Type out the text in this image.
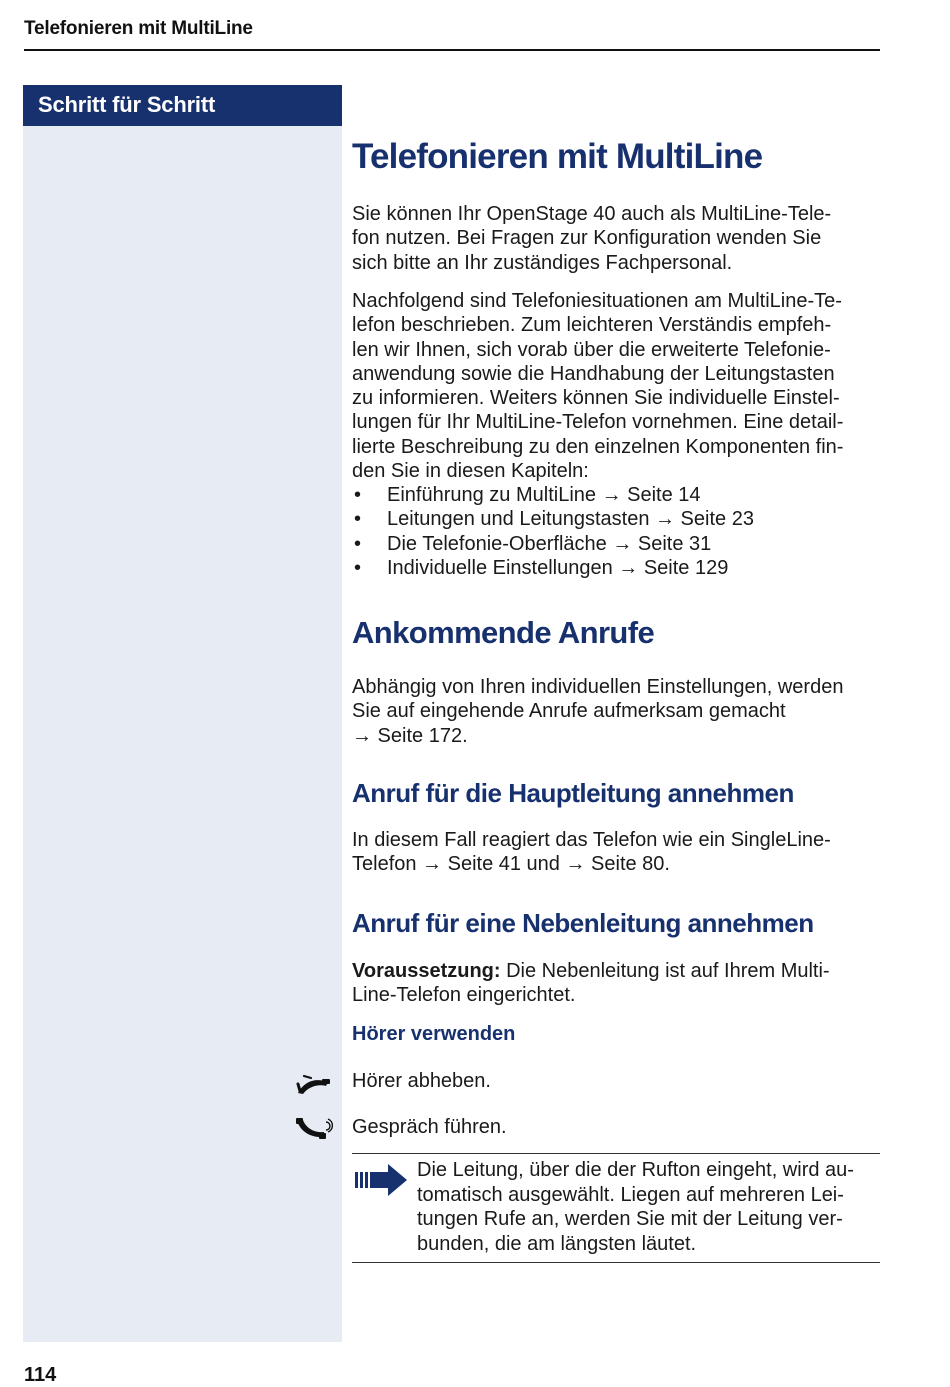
Telefonieren mit MultiLine
Schritt für Schritt
Telefonieren mit MultiLine
Sie können Ihr OpenStage 40 auch als MultiLine-Tele-
fon nutzen. Bei Fragen zur Konfiguration wenden Sie
sich bitte an Ihr zuständiges Fachpersonal.
Nachfolgend sind Telefoniesituationen am MultiLine-Te-
lefon beschrieben. Zum leichteren Verständis empfeh-
len wir Ihnen, sich vorab über die erweiterte Telefonie-
anwendung sowie die Handhabung der Leitungstasten
zu informieren. Weiters können Sie individuelle Einstel-
lungen für Ihr MultiLine-Telefon vornehmen. Eine detail-
lierte Beschreibung zu den einzelnen Komponenten fin-
den Sie in diesen Kapiteln:
• Einführung zu MultiLine → Seite 14
• Leitungen und Leitungstasten → Seite 23
• Die Telefonie-Oberfläche → Seite 31
• Individuelle Einstellungen → Seite 129
Ankommende Anrufe
Abhängig von Ihren individuellen Einstellungen, werden
Sie auf eingehende Anrufe aufmerksam gemacht
→ Seite 172.
Anruf für die Hauptleitung annehmen
In diesem Fall reagiert das Telefon wie ein SingleLine-
Telefon → Seite 41 und → Seite 80.
Anruf für eine Nebenleitung annehmen
Voraussetzung: Die Nebenleitung ist auf Ihrem Multi-
Line-Telefon eingerichtet.
Hörer verwenden
Hörer abheben.
Gespräch führen.
Die Leitung, über die der Rufton eingeht, wird au-
tomatisch ausgewählt. Liegen auf mehreren Lei-
tungen Rufe an, werden Sie mit der Leitung ver-
bunden, die am längsten läutet.
114
